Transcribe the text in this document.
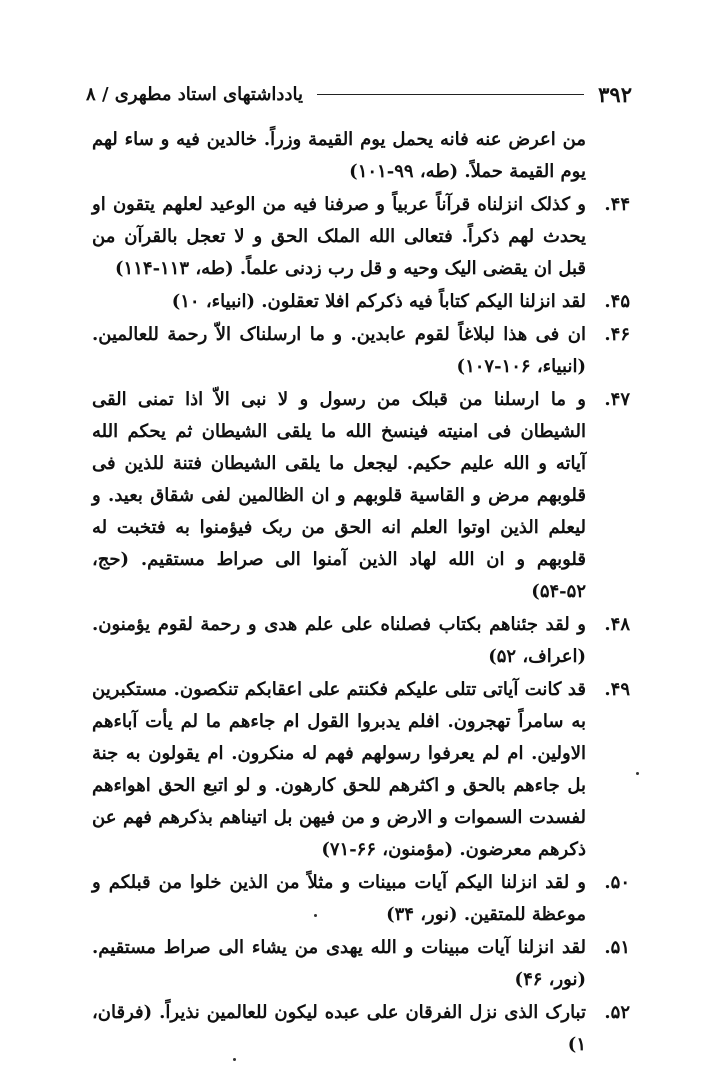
۳۹۲
یادداشتهای استاد مطهری / ۸
من اعرض عنه فانه یحمل یوم القیمة وزراً. خالدین فیه و ساء لهم یوم القیمة حملاً. (طه، ۹۹-۱۰۱)
۴۴.
و کذلک انزلناه قرآناً عربیاً و صرفنا فیه من الوعید لعلهم یتقون او یحدث لهم ذکراً. فتعالی الله الملک الحق و لا تعجل بالقرآن من قبل ان یقضی الیک وحیه و قل رب زدنی علماً. (طه، ۱۱۳-۱۱۴)
۴۵.
لقد انزلنا الیکم کتاباً فیه ذکرکم افلا تعقلون. (انبیاء، ۱۰)
۴۶.
ان فی هذا لبلاغاً لقوم عابدین. و ما ارسلناک الاّ رحمة للعالمین. (انبیاء، ۱۰۶-۱۰۷)
۴۷.
و ما ارسلنا من قبلک من رسول و لا نبی الاّ اذا تمنی القی الشیطان فی امنیته فینسخ الله ما یلقی الشیطان ثم یحکم الله آیاته و الله علیم حکیم. لیجعل ما یلقی الشیطان فتنة للذین فی قلوبهم مرض و القاسیة قلوبهم و ان الظالمین لفی شقاق بعید. و لیعلم الذین اوتوا العلم انه الحق من ربک فیؤمنوا به فتخبت له قلوبهم و ان الله لهاد الذین آمنوا الی صراط مستقیم. (حج، ۵۲-۵۴)
۴۸.
و لقد جئناهم بکتاب فصلناه علی علم هدی و رحمة لقوم یؤمنون. (اعراف، ۵۲)
۴۹.
قد کانت آیاتی تتلی علیکم فکنتم علی اعقابکم تنکصون. مستکبرین به سامراً تهجرون. افلم یدبروا القول ام جاءهم ما لم یأت آباءهم الاولین. ام لم یعرفوا رسولهم فهم له منکرون. ام یقولون به جنة بل جاءهم بالحق و اکثرهم للحق کارهون. و لو اتبع الحق اهواءهم لفسدت السموات و الارض و من فیهن بل اتیناهم بذکرهم فهم عن ذکرهم معرضون. (مؤمنون، ۶۶-۷۱)
۵۰.
و لقد انزلنا الیکم آیات مبینات و مثلاً من الذین خلوا من قبلکم و موعظة للمتقین. (نور، ۳۴)
۵۱.
لقد انزلنا آیات مبینات و الله یهدی من یشاء الی صراط مستقیم. (نور، ۴۶)
۵۲.
تبارک الذی نزل الفرقان علی عبده لیکون للعالمین نذیراً. (فرقان، ۱)
